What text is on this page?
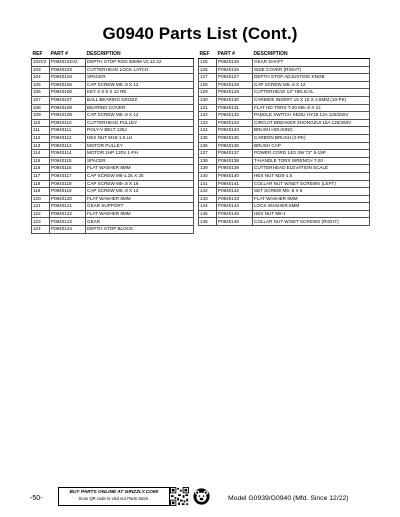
G0940 Parts List (Cont.)
REF	PART #	DESCRIPTION
102V2	P0940102V2	DEPTH STOP ROD 60MM V2.12.22
103	P0940103	CUTTERHEAD LOCK LATCH
104	P0940104	SPACER
105	P0940105	CAP SCREW M5-.8 X 12
106	P0940106	KEY 5 X 5 X 12 RE
107	P0940107	BALL BEARING 6203ZZ
108	P0940108	BEARING COVER
109	P0940109	CAP SCREW M5-.8 X 12
110	P0940110	CUTTERHEAD PULLEY
111	P0940111	POLY-V BELT 135J
112	P0940112	HEX NUT M16-1.5 LH
113	P0940113	MOTOR PULLEY
114	P0940114	MOTOR 2HP 120V 1-PH
115	P0940115	SPACER
116	P0940116	FLAT WASHER 8MM
117	P0940117	CAP SCREW M8-1.25 X 25
118	P0940118	CAP SCREW M5-.8 X 16
119	P0940119	CAP SCREW M5-.8 X 12
120	P0940120	FLAT WASHER 5MM
121	P0940121	GEAR SUPPORT
122	P0940122	FLAT WASHER 8MM
123	P0940123	GEAR
124	P0940124	DEPTH STOP BLOCK
REF	PART #	DESCRIPTION
125	P0940125	GEAR SHAFT
126	P0940126	SIDE COVER (RIGHT)
127	P0940127	DEPTH STOP ADJUSTING KNOB
128	P0940128	CAP SCREW M5-.8 X 12
129	P0940129	CUTTERHEAD 13" HELICAL
130	P0940130	CARBIDE INSERT 15 X 15 X 2.5MM (10-PK)
131	P0940131	FLAT HD TORX T-20 M6-.8 X 12
132	P0940132	PADDLE SWITCH KEDU HY18 12A 125/250V
133	P0940133	CIRCUIT BREAKER ZHONGZUI 15A 125/250V
134	P0940134	BRUSH HOUSING
135	P0940135	CARBON BRUSH (2-PK)
136	P0940136	BRUSH CAP
137	P0940137	POWER CORD 14G 3W 72" 5-15P
138	P0940138	T-HANDLE TORX WRENCH T-20
139	P0940139	CUTTERHEAD ELEVATION SCALE
140	P0940140	HEX NUT M20-1.5
141	P0940141	COLLAR NUT W/SET SCREWS (LEFT)
142	P0940142	SET SCREW M5-.8 X 6
143	P0940143	FLAT WASHER 6MM
144	P0940144	LOCK WASHER 6MM
145	P0940145	HEX NUT M6-1
146	P0940146	COLLAR NUT W/SET SCREWS (RIGHT)
-50-
BUY PARTS ONLINE AT GRIZZLY.COM!
Scan QR code to visit our Parts Store.	Model G0939/G0940 (Mfd. Since 12/22)
